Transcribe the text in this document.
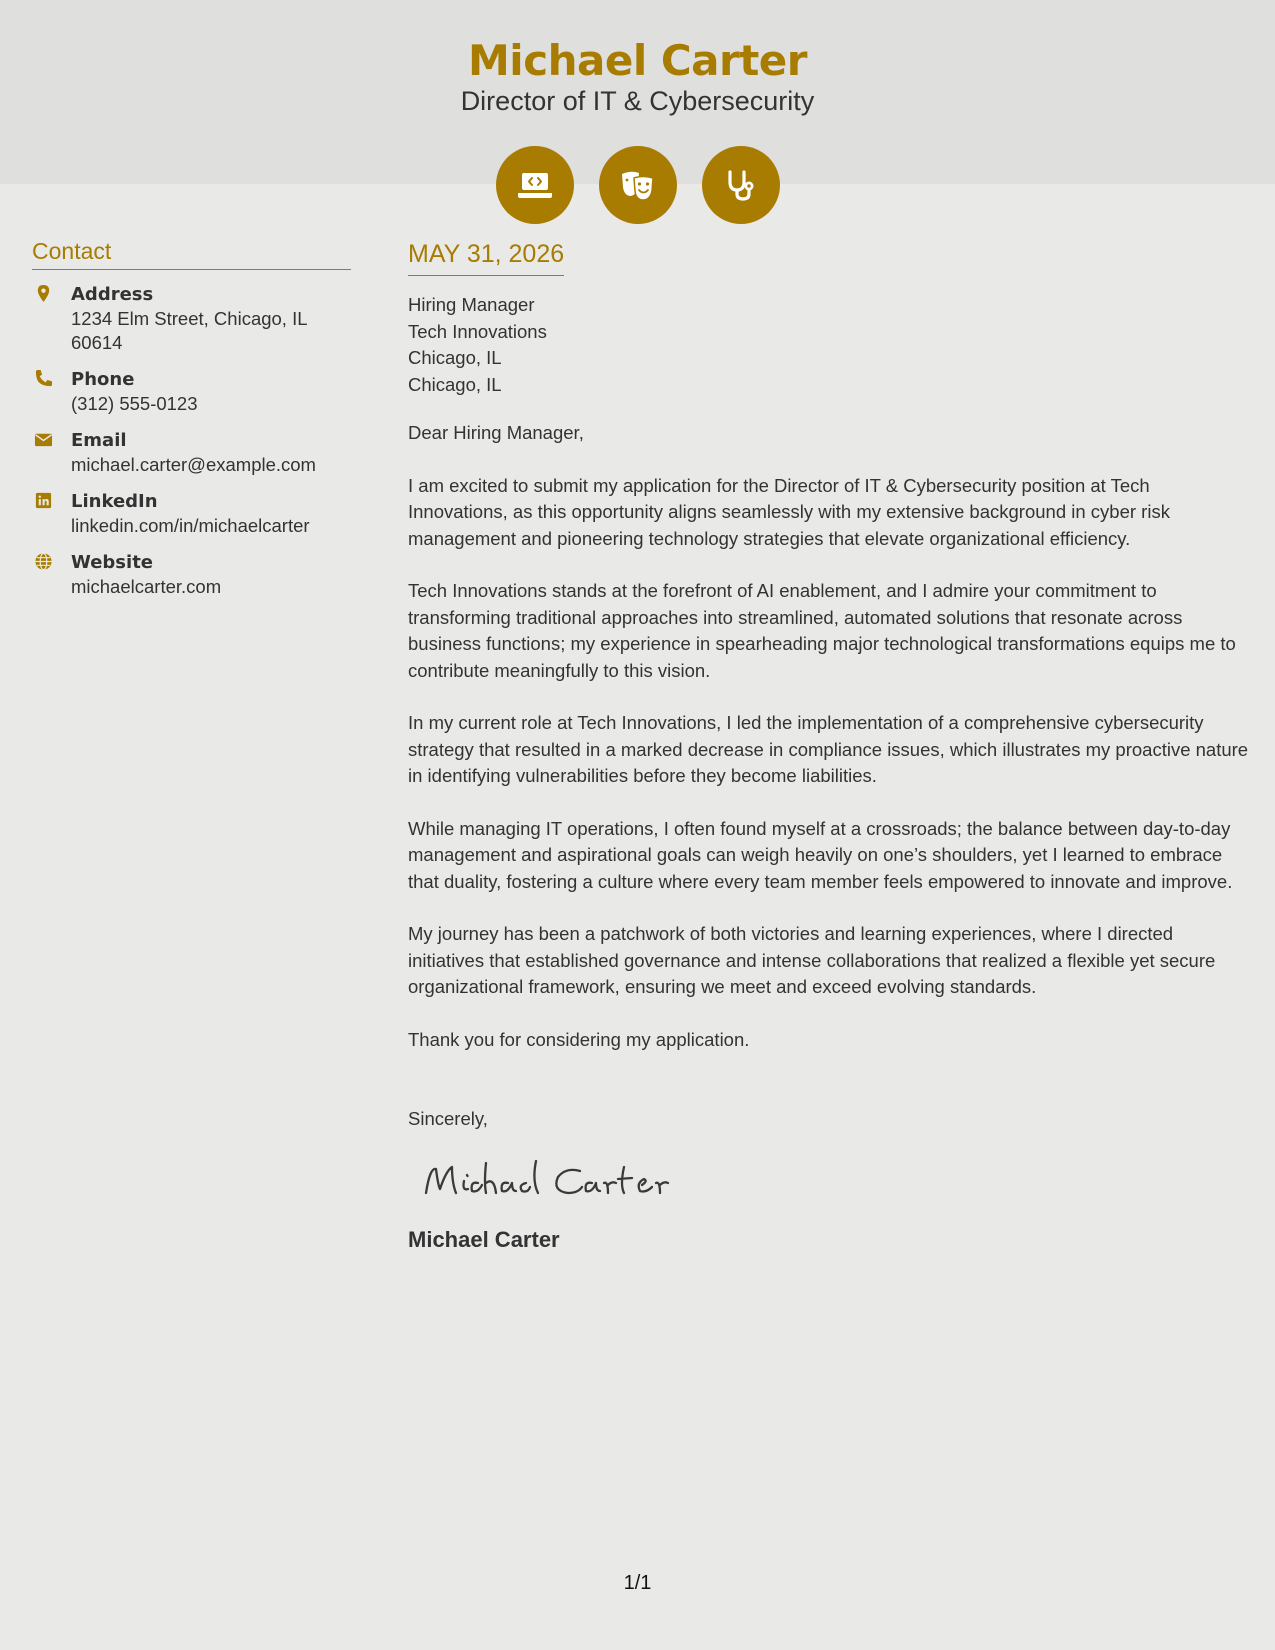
Michael Carter
Director of IT & Cybersecurity
Contact
Address
1234 Elm Street, Chicago, IL 60614
Phone
(312) 555-0123
Email
michael.carter@example.com
LinkedIn
linkedin.com/in/michaelcarter
Website
michaelcarter.com
MAY 31, 2026
Hiring Manager
Tech Innovations
Chicago, IL
Chicago, IL
Dear Hiring Manager,

I am excited to submit my application for the Director of IT & Cybersecurity position at Tech Innovations, as this opportunity aligns seamlessly with my extensive background in cyber risk management and pioneering technology strategies that elevate organizational efficiency.

Tech Innovations stands at the forefront of AI enablement, and I admire your commitment to transforming traditional approaches into streamlined, automated solutions that resonate across business functions; my experience in spearheading major technological transformations equips me to contribute meaningfully to this vision.

In my current role at Tech Innovations, I led the implementation of a comprehensive cybersecurity strategy that resulted in a marked decrease in compliance issues, which illustrates my proactive nature in identifying vulnerabilities before they become liabilities.

While managing IT operations, I often found myself at a crossroads; the balance between day-to-day management and aspirational goals can weigh heavily on one’s shoulders, yet I learned to embrace that duality, fostering a culture where every team member feels empowered to innovate and improve.

My journey has been a patchwork of both victories and learning experiences, where I directed initiatives that established governance and intense collaborations that realized a flexible yet secure organizational framework, ensuring we meet and exceed evolving standards.

Thank you for considering my application.

Sincerely,
Michael Carter
1/1
